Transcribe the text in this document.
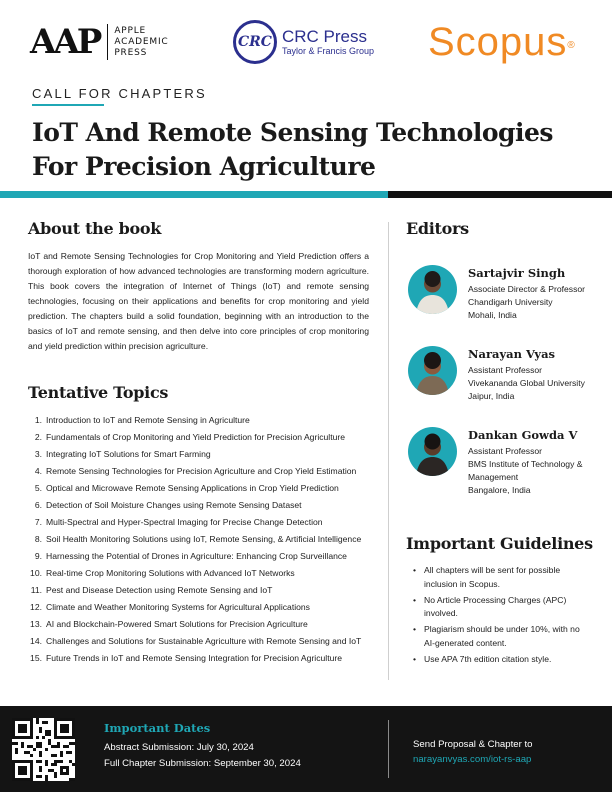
AAP APPLE
ACADEMIC
PRESS
CRC CRC Press
Taylor & Francis Group Scopus®
CALL FOR CHAPTERS
IoT And Remote Sensing Technologies For Precision Agriculture
About the book

IoT and Remote Sensing Technologies for Crop Monitoring and Yield Prediction offers a thorough exploration of how advanced technologies are transforming modern agriculture. This book covers the integration of Internet of Things (IoT) and remote sensing technologies, focusing on their applications and benefits for crop monitoring and yield prediction. The chapters build a solid foundation, beginning with an introduction to the basics of IoT and remote sensing, and then delve into core principles of crop monitoring and yield prediction within precision agriculture.

Tentative Topics
1. Introduction to IoT and Remote Sensing in Agriculture
2. Fundamentals of Crop Monitoring and Yield Prediction for Precision Agriculture
3. Integrating IoT Solutions for Smart Farming
4. Remote Sensing Technologies for Precision Agriculture and Crop Yield Estimation
5. Optical and Microwave Remote Sensing Applications in Crop Yield Prediction
6. Detection of Soil Moisture Changes using Remote Sensing Dataset
7. Multi-Spectral and Hyper-Spectral Imaging for Precise Change Detection
8. Soil Health Monitoring Solutions using IoT, Remote Sensing, & Artificial Intelligence
9. Harnessing the Potential of Drones in Agriculture: Enhancing Crop Surveillance
10. Real-time Crop Monitoring Solutions with Advanced IoT Networks
11. Pest and Disease Detection using Remote Sensing and IoT
12. Climate and Weather Monitoring Systems for Agricultural Applications
13. AI and Blockchain-Powered Smart Solutions for Precision Agriculture
14. Challenges and Solutions for Sustainable Agriculture with Remote Sensing and IoT
15. Future Trends in IoT and Remote Sensing Integration for Precision Agriculture
Editors
Sartajvir Singh
Associate Director & Professor
Chandigarh University
Mohali, India
Narayan Vyas
Assistant Professor
Vivekananda Global University
Jaipur, India
Dankan Gowda V
Assistant Professor
BMS Institute of Technology &
Management
Bangalore, India
Important Guidelines
• All chapters will be sent for possible inclusion in Scopus.
• No Article Processing Charges (APC) involved.
• Plagiarism should be under 10%, with no AI-generated content.
• Use APA 7th edition citation style.
Important Dates
Abstract Submission: July 30, 2024
Full Chapter Submission: September 30, 2024
Send Proposal & Chapter to
narayanvyas.com/iot-rs-aap
